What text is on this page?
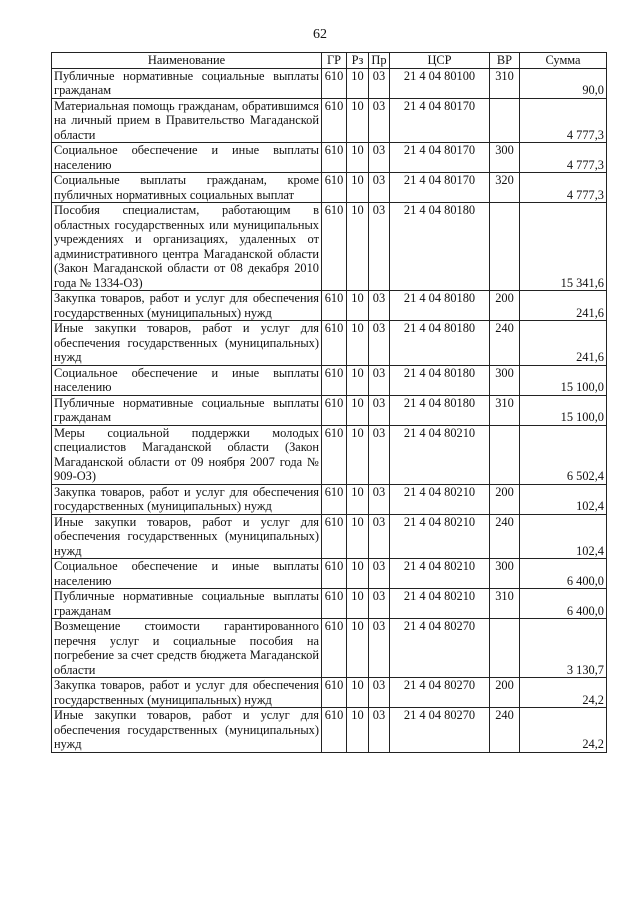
62
Наименование	ГР	Рз	Пр	ЦСР	ВР	Сумма
Публичные нормативные социальные выплаты гражданам	610	10	03	21 4 04 80100	310	90,0
Материальная помощь гражданам, обратившимся на личный прием в Правительство Магаданской области	610	10	03	21 4 04 80170		4 777,3
Социальное обеспечение и иные выплаты населению	610	10	03	21 4 04 80170	300	4 777,3
Социальные выплаты гражданам, кроме публичных нормативных социальных выплат	610	10	03	21 4 04 80170	320	4 777,3
Пособия специалистам, работающим в областных государственных или муниципальных учреждениях и организациях, удаленных от административного центра Магаданской области (Закон Магаданской области от 08 декабря 2010 года № 1334-ОЗ)	610	10	03	21 4 04 80180		15 341,6
Закупка товаров, работ и услуг для обеспечения государственных (муниципальных) нужд	610	10	03	21 4 04 80180	200	241,6
Иные закупки товаров, работ и услуг для обеспечения государственных (муниципальных) нужд	610	10	03	21 4 04 80180	240	241,6
Социальное обеспечение и иные выплаты населению	610	10	03	21 4 04 80180	300	15 100,0
Публичные нормативные социальные выплаты гражданам	610	10	03	21 4 04 80180	310	15 100,0
Меры социальной поддержки молодых специалистов Магаданской области (Закон Магаданской области от 09 ноября 2007 года № 909-ОЗ)	610	10	03	21 4 04 80210		6 502,4
Закупка товаров, работ и услуг для обеспечения государственных (муниципальных) нужд	610	10	03	21 4 04 80210	200	102,4
Иные закупки товаров, работ и услуг для обеспечения государственных (муниципальных) нужд	610	10	03	21 4 04 80210	240	102,4
Социальное обеспечение и иные выплаты населению	610	10	03	21 4 04 80210	300	6 400,0
Публичные нормативные социальные выплаты гражданам	610	10	03	21 4 04 80210	310	6 400,0
Возмещение стоимости гарантированного перечня услуг и социальные пособия на погребение за счет средств бюджета Магаданской области	610	10	03	21 4 04 80270		3 130,7
Закупка товаров, работ и услуг для обеспечения государственных (муниципальных) нужд	610	10	03	21 4 04 80270	200	24,2
Иные закупки товаров, работ и услуг для обеспечения государственных (муниципальных) нужд	610	10	03	21 4 04 80270	240	24,2
